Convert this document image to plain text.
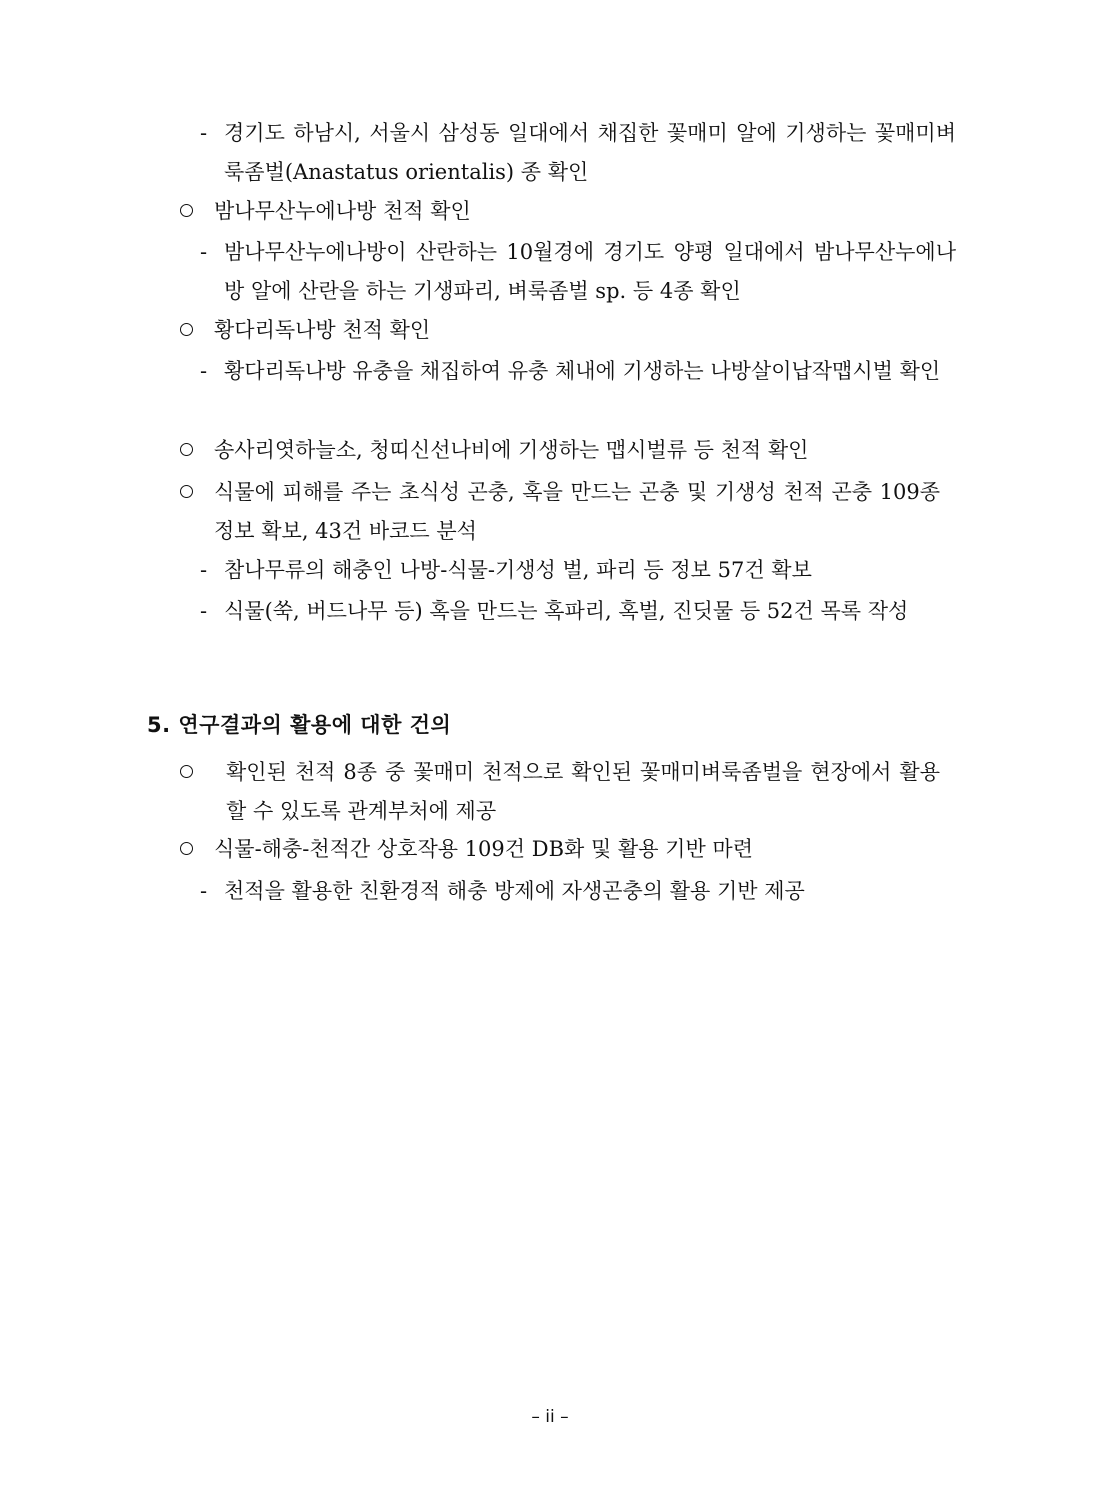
- 경기도 하남시, 서울시 삼성동 일대에서 채집한 꽃매미 알에 기생하는 꽃매미벼룩좀벌(Anastatus orientalis) 종 확인
밤나무산누에나방 천적 확인
- 밤나무산누에나방이 산란하는 10월경에 경기도 양평 일대에서 밤나무산누에나방 알에 산란을 하는 기생파리, 벼룩좀벌 sp. 등 4종 확인
황다리독나방 천적 확인
- 황다리독나방 유충을 채집하여 유충 체내에 기생하는 나방살이납작맵시벌 확인
송사리엿하늘소, 청띠신선나비에 기생하는 맵시벌류 등 천적 확인
식물에 피해를 주는 초식성 곤충, 혹을 만드는 곤충 및 기생성 천적 곤충 109종 정보 확보, 43건 바코드 분석
- 참나무류의 해충인 나방-식물-기생성 벌, 파리 등 정보 57건 확보
- 식물(쑥, 버드나무 등) 혹을 만드는 혹파리, 혹벌, 진딧물 등 52건 목록 작성
5. 연구결과의 활용에 대한 건의
확인된 천적 8종 중 꽃매미 천적으로 확인된 꽃매미벼룩좀벌을 현장에서 활용할 수 있도록 관계부처에 제공
식물-해충-천적간 상호작용 109건 DB화 및 활용 기반 마련
- 천적을 활용한 친환경적 해충 방제에 자생곤충의 활용 기반 제공
– ii –
